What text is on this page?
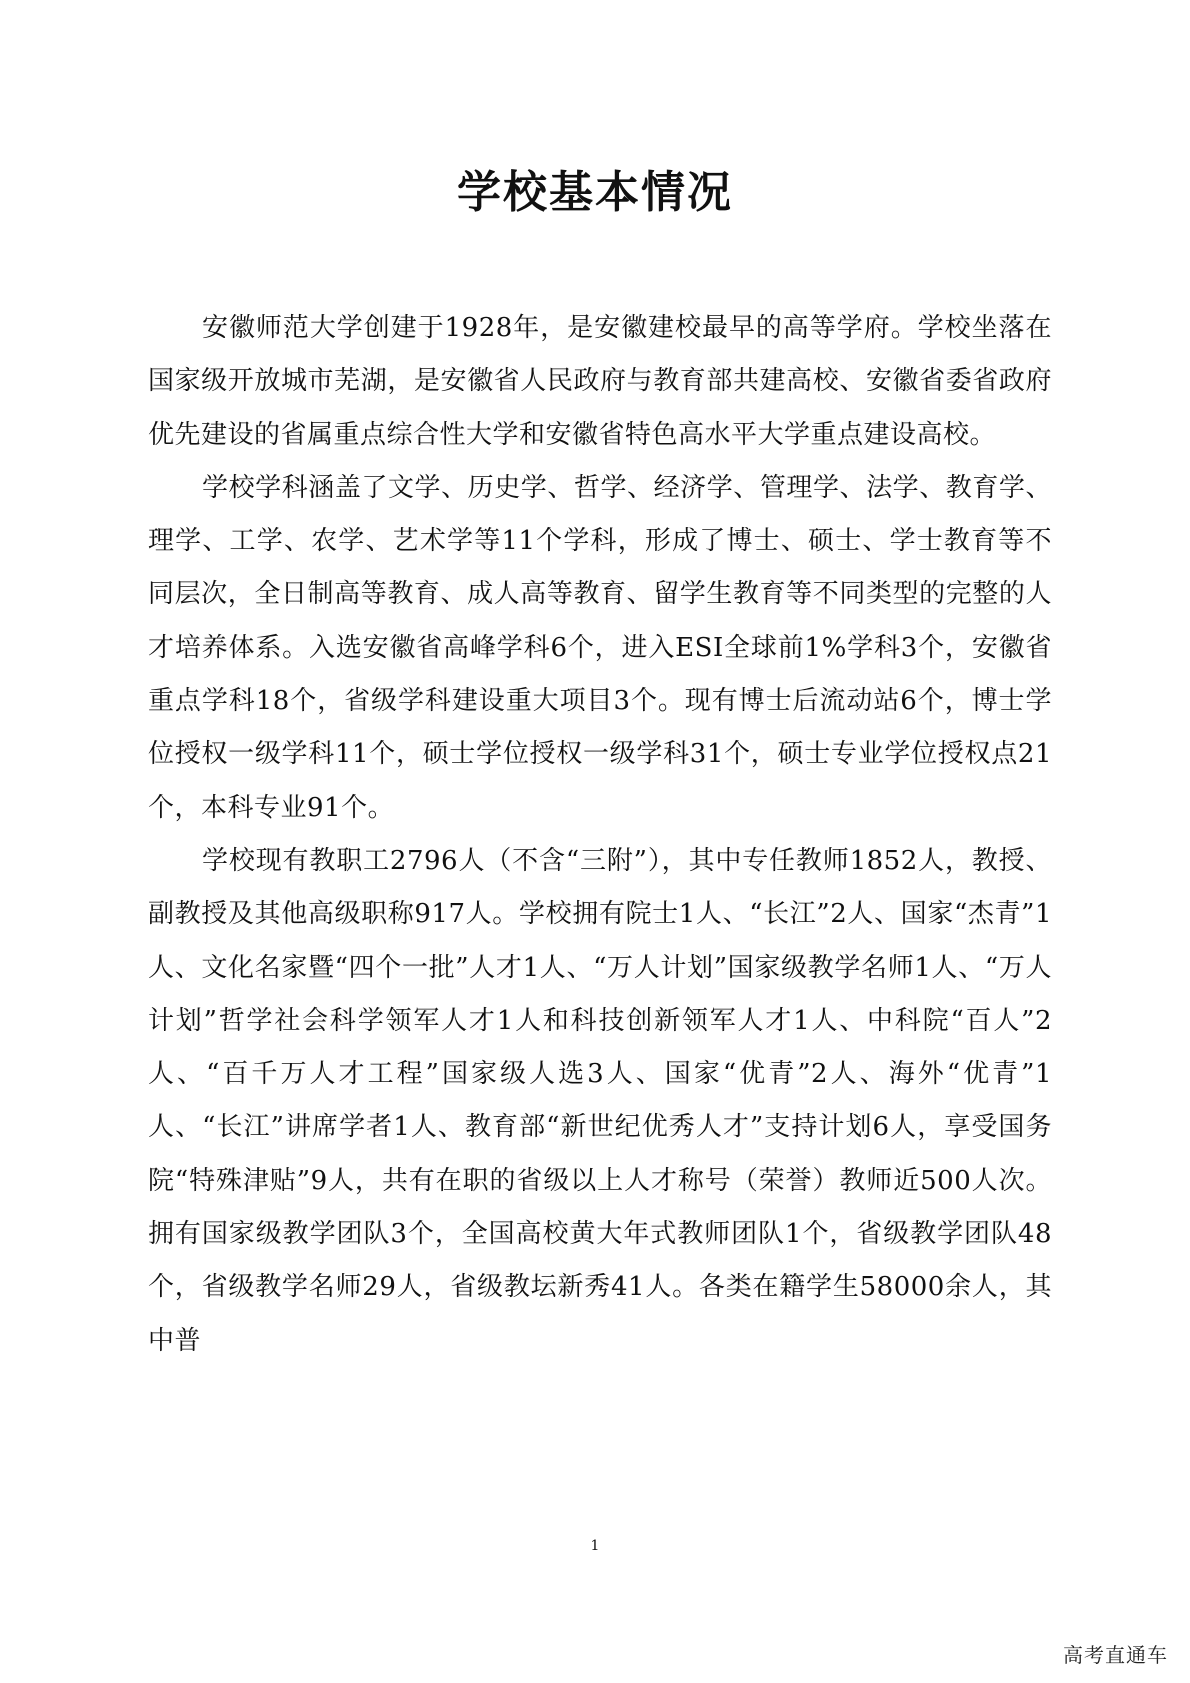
学校基本情况

安徽师范大学创建于1928年，是安徽建校最早的高等学府。学校坐落在国家级开放城市芜湖，是安徽省人民政府与教育部共建高校、安徽省委省政府优先建设的省属重点综合性大学和安徽省特色高水平大学重点建设高校。

学校学科涵盖了文学、历史学、哲学、经济学、管理学、法学、教育学、理学、工学、农学、艺术学等11个学科，形成了博士、硕士、学士教育等不同层次，全日制高等教育、成人高等教育、留学生教育等不同类型的完整的人才培养体系。入选安徽省高峰学科6个，进入ESI全球前1%学科3个，安徽省重点学科18个，省级学科建设重大项目3个。现有博士后流动站6个，博士学位授权一级学科11个，硕士学位授权一级学科31个，硕士专业学位授权点21个，本科专业91个。

学校现有教职工2796人（不含“三附”），其中专任教师1852人，教授、副教授及其他高级职称917人。学校拥有院士1人、“长江”2人、国家“杰青”1人、文化名家暨“四个一批”人才1人、“万人计划”国家级教学名师1人、“万人计划”哲学社会科学领军人才1人和科技创新领军人才1人、中科院“百人”2人、“百千万人才工程”国家级人选3人、国家“优青”2人、海外“优青”1人、“长江”讲席学者1人、教育部“新世纪优秀人才”支持计划6人，享受国务院“特殊津贴”9人，共有在职的省级以上人才称号（荣誉）教师近500人次。拥有国家级教学团队3个，全国高校黄大年式教师团队1个，省级教学团队48个，省级教学名师29人，省级教坛新秀41人。各类在籍学生58000余人，其中普

1
高考直通车
